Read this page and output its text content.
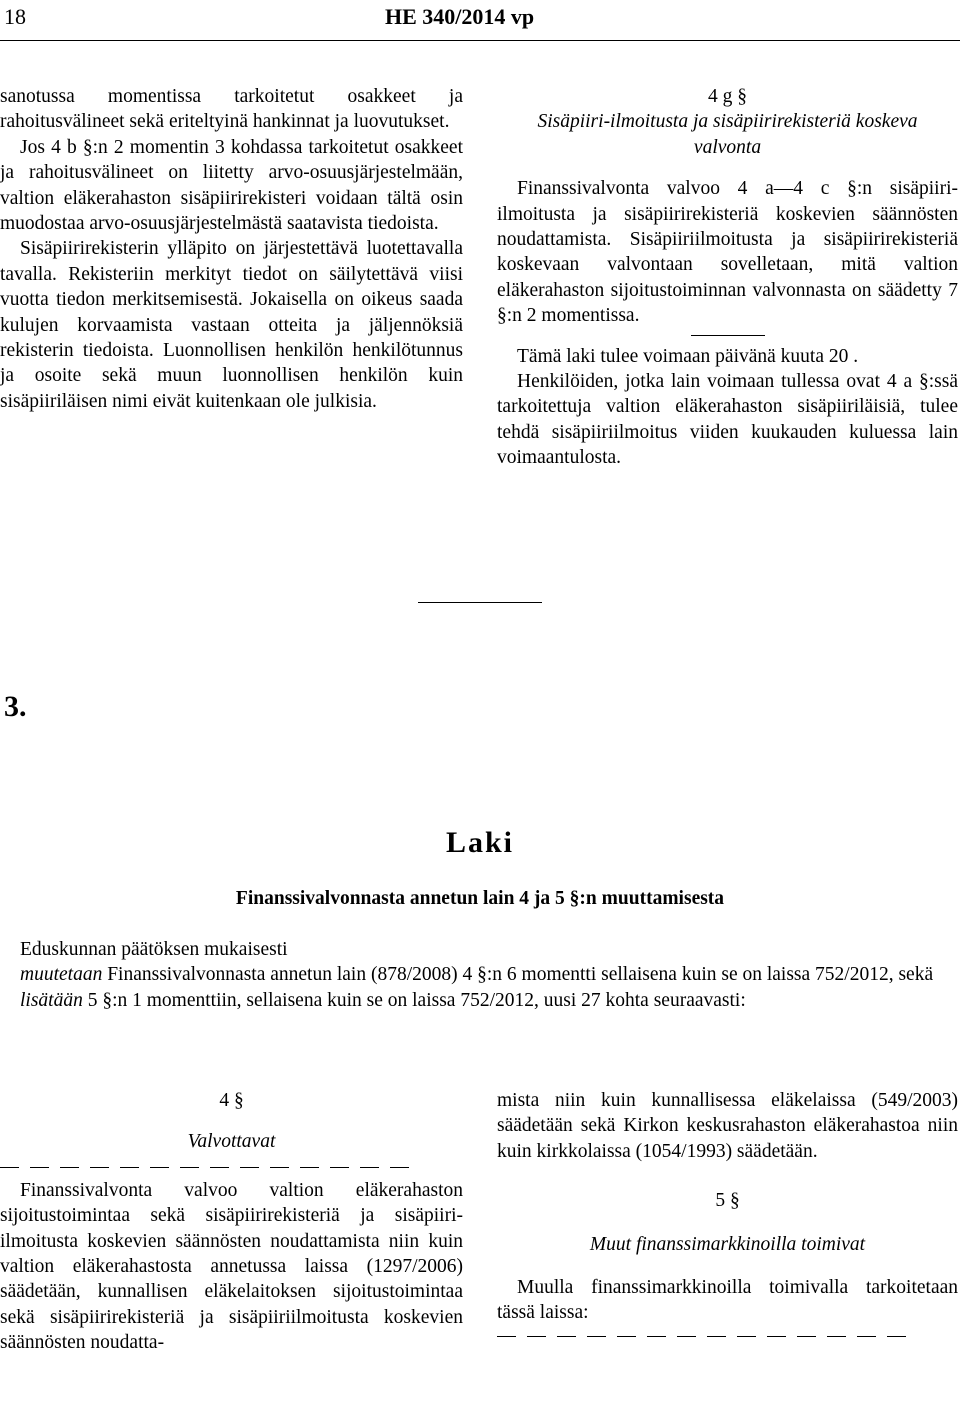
18	HE 340/2014 vp

sanotussa momentissa tarkoitetut osakkeet ja rahoitusvälineet sekä eriteltyinä hankinnat ja luovutukset.

Jos 4 b §:n 2 momentin 3 kohdassa tarkoitetut osakkeet ja rahoitusvälineet on liitetty arvo-osuusjärjestelmään, valtion eläkerahaston sisäpiirirekisteri voidaan tältä osin muodostaa arvo-osuusjärjestelmästä saatavista tiedoista.

Sisäpiirirekisterin ylläpito on järjestettävä luotettavalla tavalla. Rekisteriin merkityt tiedot on säilytettävä viisi vuotta tiedon merkitsemisestä. Jokaisella on oikeus saada kulujen korvaamista vastaan otteita ja jäljennöksiä rekisterin tiedoista. Luonnollisen henkilön henkilötunnus ja osoite sekä muun luonnollisen henkilön kuin sisäpiiriläisen nimi eivät kuitenkaan ole julkisia.

4 g §

Sisäpiiri-ilmoitusta ja sisäpiirirekisteriä koskeva valvonta

Finanssivalvonta valvoo 4 a—4 c §:n sisäpiiri-ilmoitusta ja sisäpiirirekisteriä koskevien säännösten noudattamista. Sisäpiiriilmoitusta ja sisäpiirirekisteriä koskevaan valvontaan sovelletaan, mitä valtion eläkerahaston sijoitustoiminnan valvonnasta on säädetty 7 §:n 2 momentissa.

Tämä laki tulee voimaan päivänä kuuta 20 .

Henkilöiden, jotka lain voimaan tullessa ovat 4 a §:ssä tarkoitettuja valtion eläkerahaston sisäpiiriläisiä, tulee tehdä sisäpiiriilmoitus viiden kuukauden kuluessa lain voimaantulosta.

3.
Laki
Finanssivalvonnasta annetun lain 4 ja 5 §:n muuttamisesta

Eduskunnan päätöksen mukaisesti

muutetaan Finanssivalvonnasta annetun lain (878/2008) 4 §:n 6 momentti sellaisena kuin se on laissa 752/2012, sekä

lisätään 5 §:n 1 momenttiin, sellaisena kuin se on laissa 752/2012, uusi 27 kohta seuraavasti:

4 §

Valvottavat

Finanssivalvonta valvoo valtion eläkerahaston sijoitustoimintaa sekä sisäpiirirekisteriä ja sisäpiiri-ilmoitusta koskevien säännösten noudattamista niin kuin valtion eläkerahastosta annetussa laissa (1297/2006) säädetään, kunnallisen eläkelaitoksen sijoitustoimintaa sekä sisäpiirirekisteriä ja sisäpiiriilmoitusta koskevien säännösten noudatta-

mista niin kuin kunnallisessa eläkelaissa (549/2003) säädetään sekä Kirkon keskusrahaston eläkerahastoa niin kuin kirkkolaissa (1054/1993) säädetään.

5 §

Muut finanssimarkkinoilla toimivat

Muulla finanssimarkkinoilla toimivalla tarkoitetaan tässä laissa:
